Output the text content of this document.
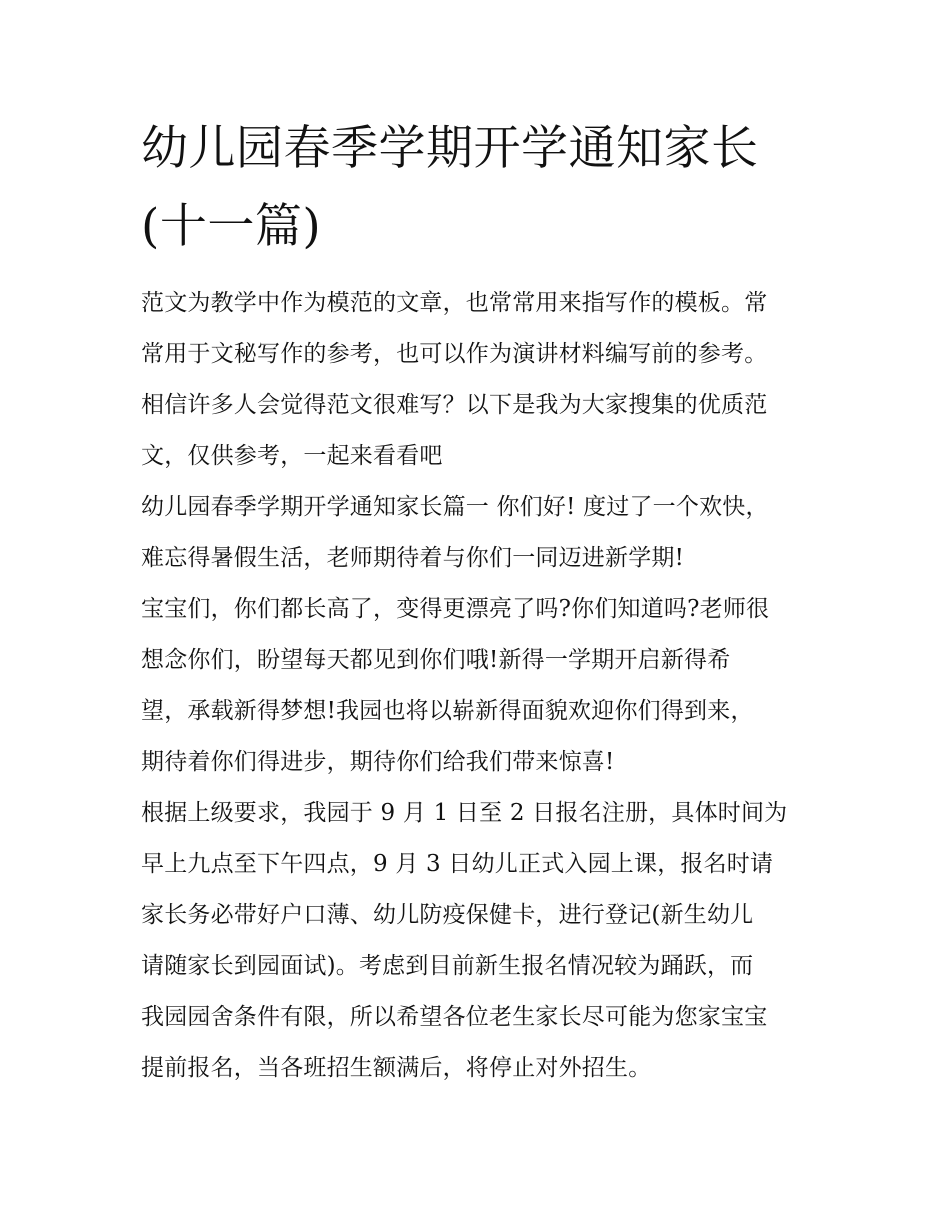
幼儿园春季学期开学通知家长
(十一篇)

范文为教学中作为模范的文章，也常常用来指写作的模板。常
常用于文秘写作的参考，也可以作为演讲材料编写前的参考。
相信许多人会觉得范文很难写？以下是我为大家搜集的优质范
文，仅供参考，一起来看看吧

幼儿园春季学期开学通知家长篇一 你们好! 度过了一个欢快，
难忘得暑假生活，老师期待着与你们一同迈进新学期!

宝宝们，你们都长高了，变得更漂亮了吗?你们知道吗?老师很
想念你们，盼望每天都见到你们哦!新得一学期开启新得希
望，承载新得梦想!我园也将以崭新得面貌欢迎你们得到来，
期待着你们得进步，期待你们给我们带来惊喜!

根据上级要求，我园于 9 月 1 日至 2 日报名注册，具体时间为
早上九点至下午四点，9 月 3 日幼儿正式入园上课，报名时请
家长务必带好户口薄、幼儿防疫保健卡，进行登记(新生幼儿
请随家长到园面试)。考虑到目前新生报名情况较为踊跃，而
我园园舍条件有限，所以希望各位老生家长尽可能为您家宝宝
提前报名，当各班招生额满后，将停止对外招生。
